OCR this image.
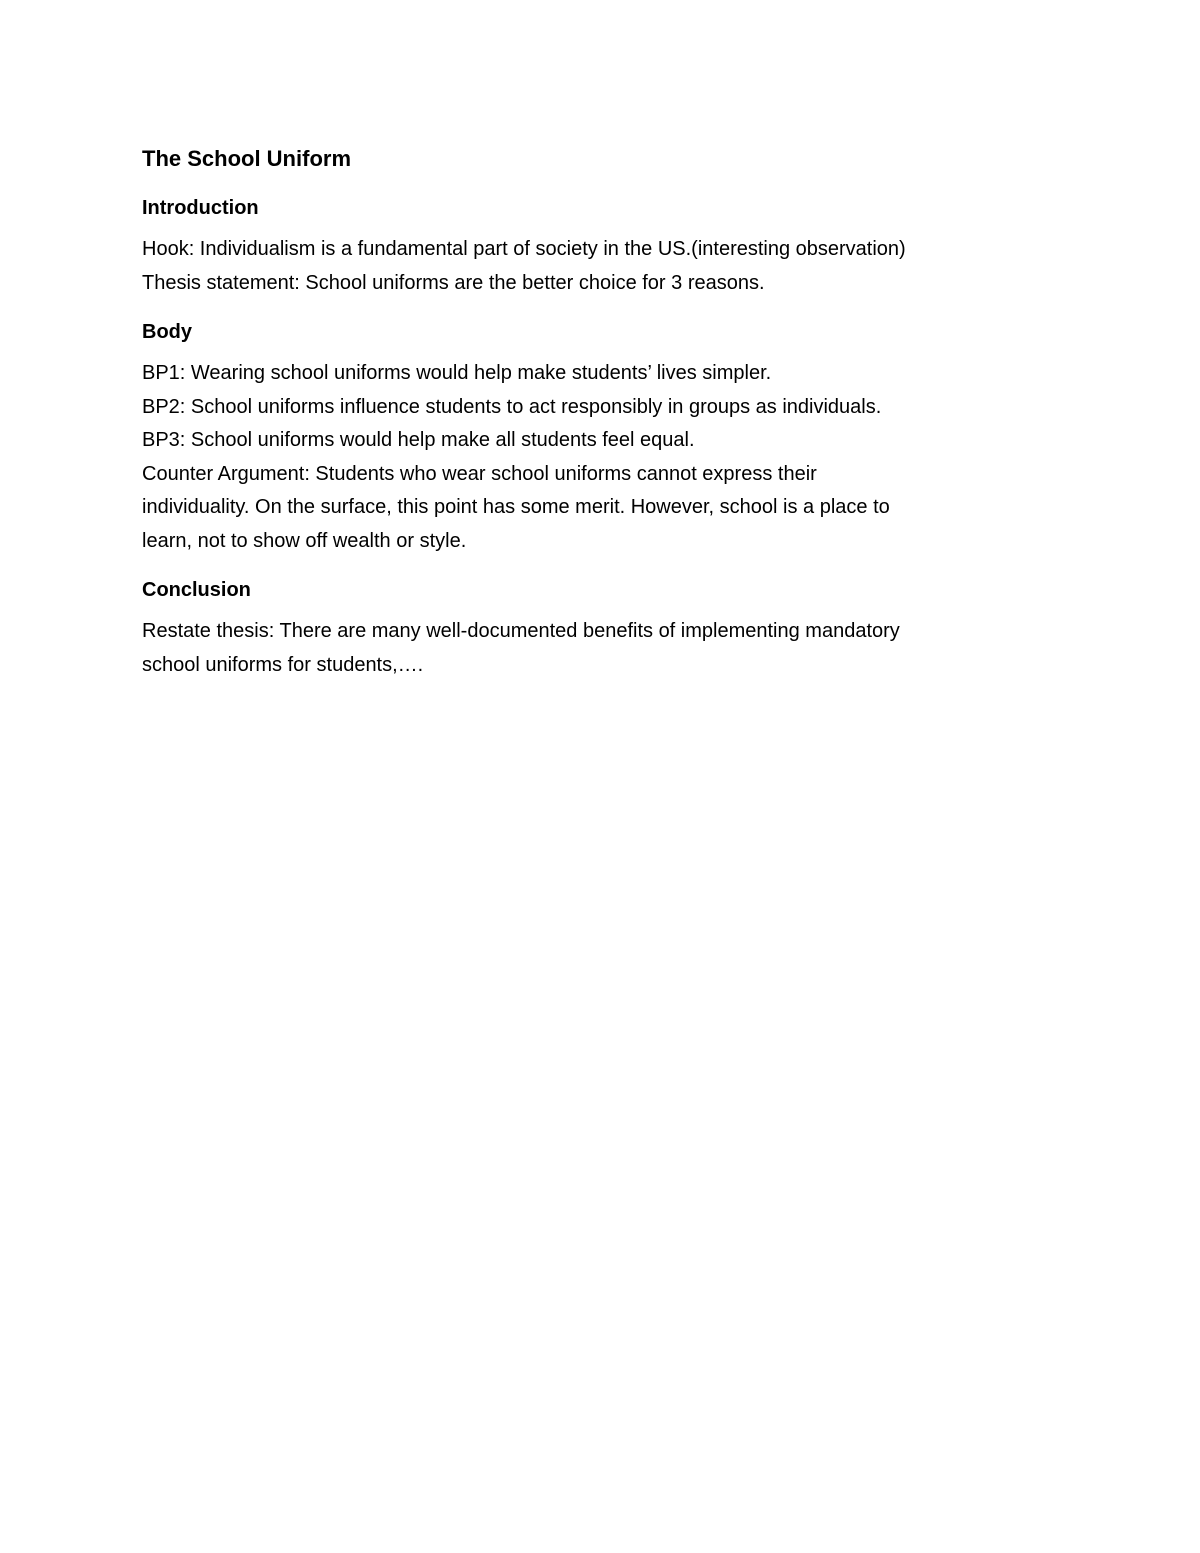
The School Uniform
Introduction
Hook: Individualism is a fundamental part of society in the US.(interesting observation)
Thesis statement: School uniforms are the better choice for 3 reasons.
Body
BP1: Wearing school uniforms would help make students’ lives simpler.
BP2: School uniforms influence students to act responsibly in groups as individuals.
BP3: School uniforms would help make all students feel equal.
Counter Argument: Students who wear school uniforms cannot express their
individuality. On the surface, this point has some merit. However, school is a place to
learn, not to show off wealth or style.
Conclusion
Restate thesis: There are many well-documented benefits of implementing mandatory
school uniforms for students,….
